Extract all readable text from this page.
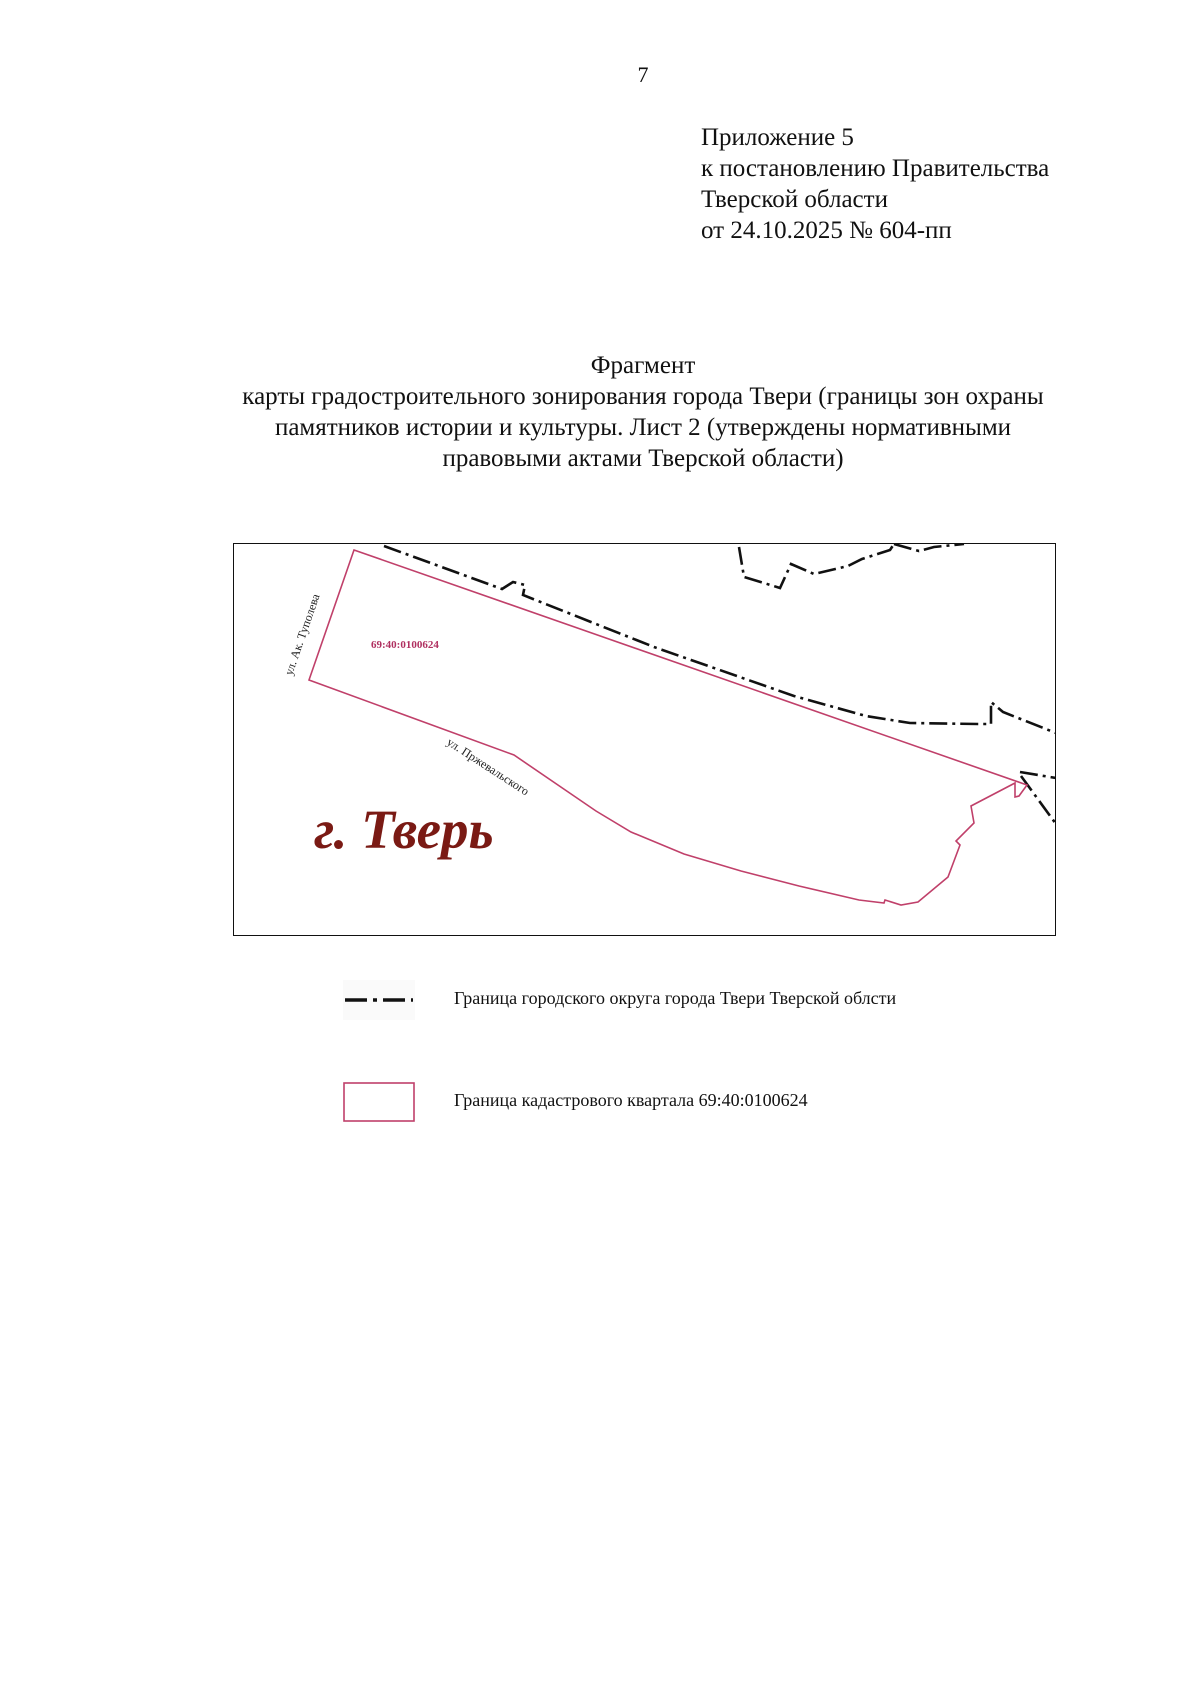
7
Приложение 5
к постановлению Правительства
Тверской области
от 24.10.2025 № 604-пп
Фрагмент
карты градостроительного зонирования города Твери (границы зон охраны
памятников истории и культуры. Лист 2 (утверждены нормативными
правовыми актами Тверской области)
69:40:0100624
ул. Ак. Туполева
ул. Пржевальского
г. Тверь
Граница городского округа города Твери Тверской облсти
Граница кадастрового квартала 69:40:0100624
